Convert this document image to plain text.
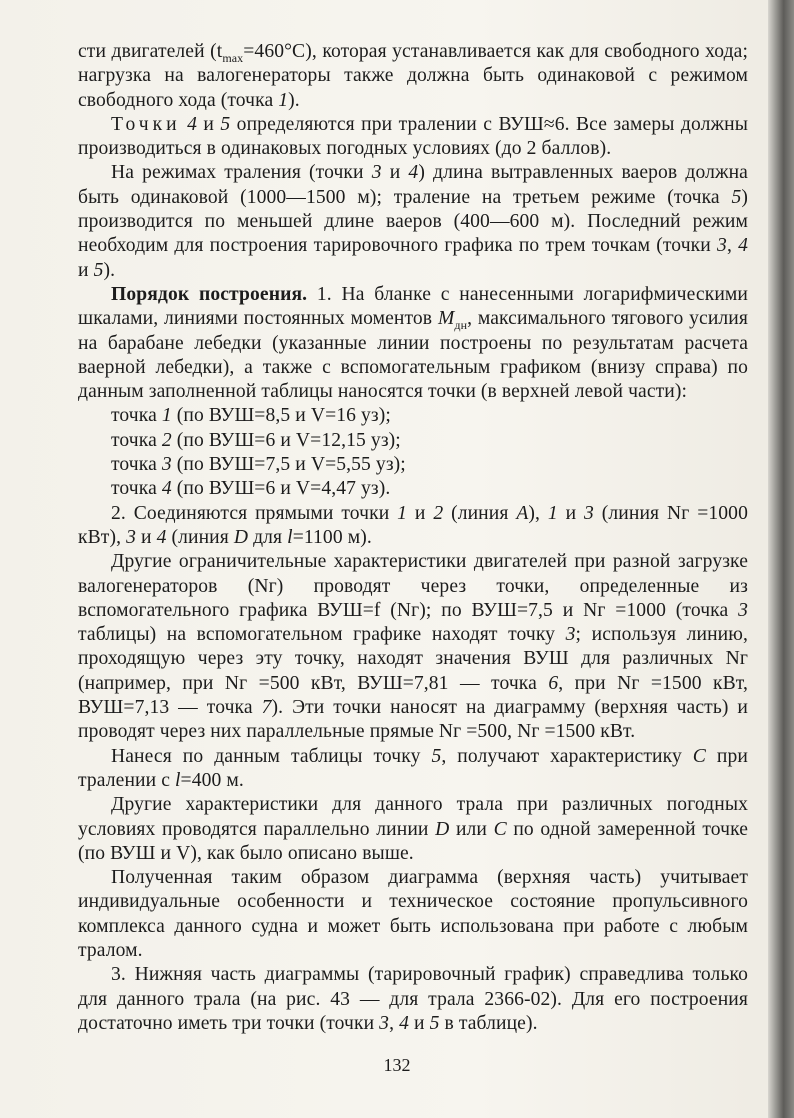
сти двигателей $(t_{max}=460^\circ С)$, которая устанавливается как для свободного хода; нагрузка на валогенераторы также должна быть одинаковой с режимом свободного хода (точка 1).

Точки 4 и 5 определяются при тралении с ВУШ≈6. Все замеры должны производиться в одинаковых погодных условиях (до 2 баллов).

На режимах траления (точки 3 и 4) длина вытравленных ваеров должна быть одинаковой (1000—1500 м); траление на третьем режиме (точка 5) производится по меньшей длине ваеров (400—600 м). Последний режим необходим для построения тарировочного графика по трем точкам (точки 3, 4 и 5).

Порядок построения. 1. На бланке с нанесенными логарифмическими шкалами, линиями постоянных моментов $M_{дн}$, максимального тягового усилия на барабане лебедки (указанные линии построены по результатам расчета ваерной лебедки), а также с вспомогательным графиком (внизу справа) по данным заполненной таблицы наносятся точки (в верхней левой части):

точка 1 (по ВУШ=8,5 и V=16 уз);

точка 2 (по ВУШ=6 и V=12,15 уз);

точка 3 (по ВУШ=7,5 и V=5,55 уз);

точка 4 (по ВУШ=6 и V=4,47 уз).

2. Соединяются прямыми точки 1 и 2 (линия A), 1 и 3 (линия Nг =1000 кВт), 3 и 4 (линия D для l=1100 м).

Другие ограничительные характеристики двигателей при разной загрузке валогенераторов (Nг) проводят через точки, определенные из вспомогательного графика ВУШ=f (Nг); по ВУШ=7,5 и Nг =1000 (точка 3 таблицы) на вспомогательном графике находят точку 3; используя линию, проходящую через эту точку, находят значения ВУШ для различных Nг (например, при Nг =500 кВт, ВУШ=7,81 — точка 6, при Nг =1500 кВт, ВУШ=7,13 — точка 7). Эти точки наносят на диаграмму (верхняя часть) и проводят через них параллельные прямые Nг =500, Nг =1500 кВт.

Нанеся по данным таблицы точку 5, получают характеристику C при тралении с l=400 м.

Другие характеристики для данного трала при различных погодных условиях проводятся параллельно линии D или C по одной замеренной точке (по ВУШ и V), как было описано выше.

Полученная таким образом диаграмма (верхняя часть) учитывает индивидуальные особенности и техническое состояние пропульсивного комплекса данного судна и может быть использована при работе с любым тралом.

3. Нижняя часть диаграммы (тарировочный график) справедлива только для данного трала (на рис. 43 — для трала 2366-02). Для его построения достаточно иметь три точки (точки 3, 4 и 5 в таблице).

132
